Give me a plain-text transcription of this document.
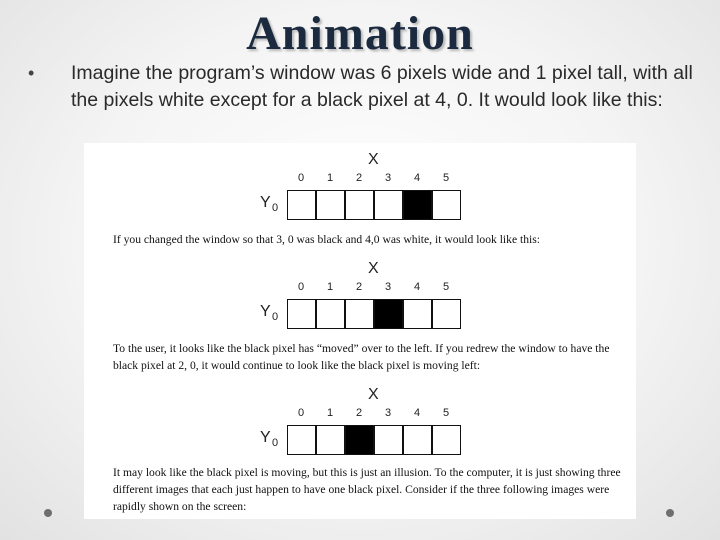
Animation
• Imagine the program’s window was 6 pixels wide and 1 pixel tall, with all the pixels white except for a black pixel at 4, 0. It would look like this:
X
0	1	2	3	4	5
Y 0
If you changed the window so that 3, 0 was black and 4,0 was white, it would look like this:
X
0	1	2	3	4	5
Y 0
To the user, it looks like the black pixel has “moved” over to the left. If you redrew the window to have the black pixel at 2, 0, it would continue to look like the black pixel is moving left:
X
0	1	2	3	4	5
Y 0
It may look like the black pixel is moving, but this is just an illusion. To the computer, it is just showing three different images that each just happen to have one black pixel. Consider if the three following images were rapidly shown on the screen:
